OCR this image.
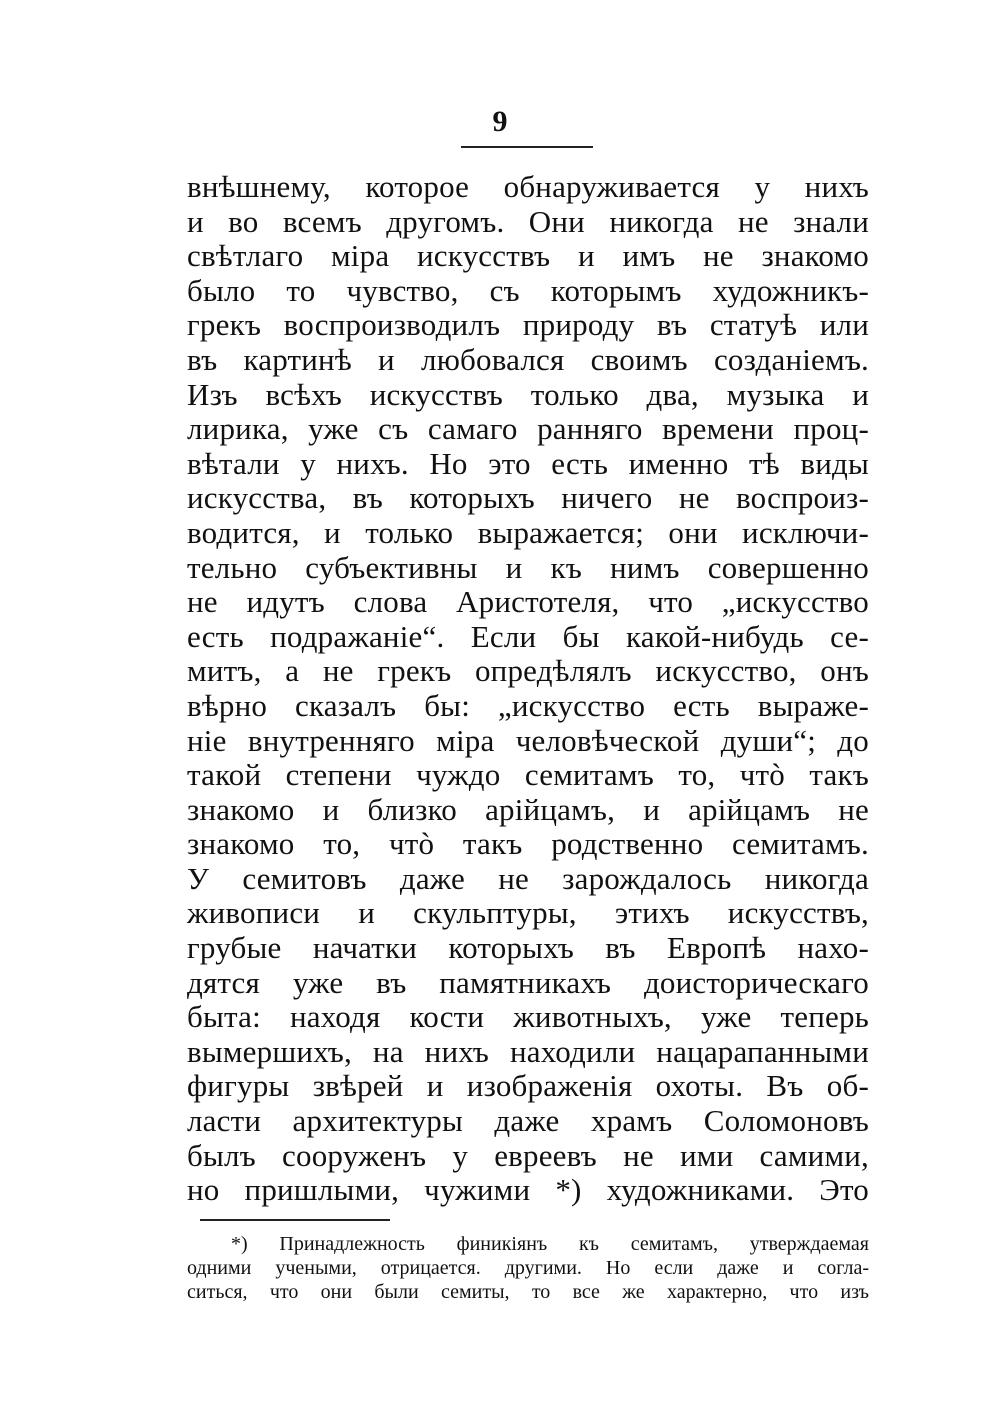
9
внѣшнему, которое обнаруживается у нихъ
и во всемъ другомъ. Они никогда не знали
свѣтлаго міра искусствъ и имъ не знакомо
было то чувство, съ которымъ художникъ-
грекъ воспроизводилъ природу въ статуѣ или
въ картинѣ и любовался своимъ созданіемъ.
Изъ всѣхъ искусствъ только два, музыка и
лирика, уже съ самаго ранняго времени проц-
вѣтали у нихъ. Но это есть именно тѣ виды
искусства, въ которыхъ ничего не воспроиз-
водится, и только выражается; они исключи-
тельно субъективны и къ нимъ совершенно
не идутъ слова Аристотеля, что „искусство
есть подражаніе“. Если бы какой-нибудь се-
митъ, а не грекъ опредѣлялъ искусство, онъ
вѣрно сказалъ бы: „искусство есть выраже-
ніе внутренняго міра человѣческой души“; до
такой степени чуждо семитамъ то, чтò такъ
знакомо и близко арійцамъ, и арійцамъ не
знакомо то, чтò такъ родственно семитамъ.
У семитовъ даже не зарождалось никогда
живописи и скульптуры, этихъ искусствъ,
грубые начатки которыхъ въ Европѣ нахо-
дятся уже въ памятникахъ доисторическаго
быта: находя кости животныхъ, уже теперь
вымершихъ, на нихъ находили нацарапанными
фигуры звѣрей и изображенія охоты. Въ об-
ласти архитектуры даже храмъ Соломоновъ
былъ сооруженъ у евреевъ не ими самими,
но пришлыми, чужими *) художниками. Это
*) Принадлежность финикіянъ къ семитамъ, утверждаемая
одними учеными, отрицается. другими. Но если даже и согла-
ситься, что они были семиты, то все же характерно, что изъ
